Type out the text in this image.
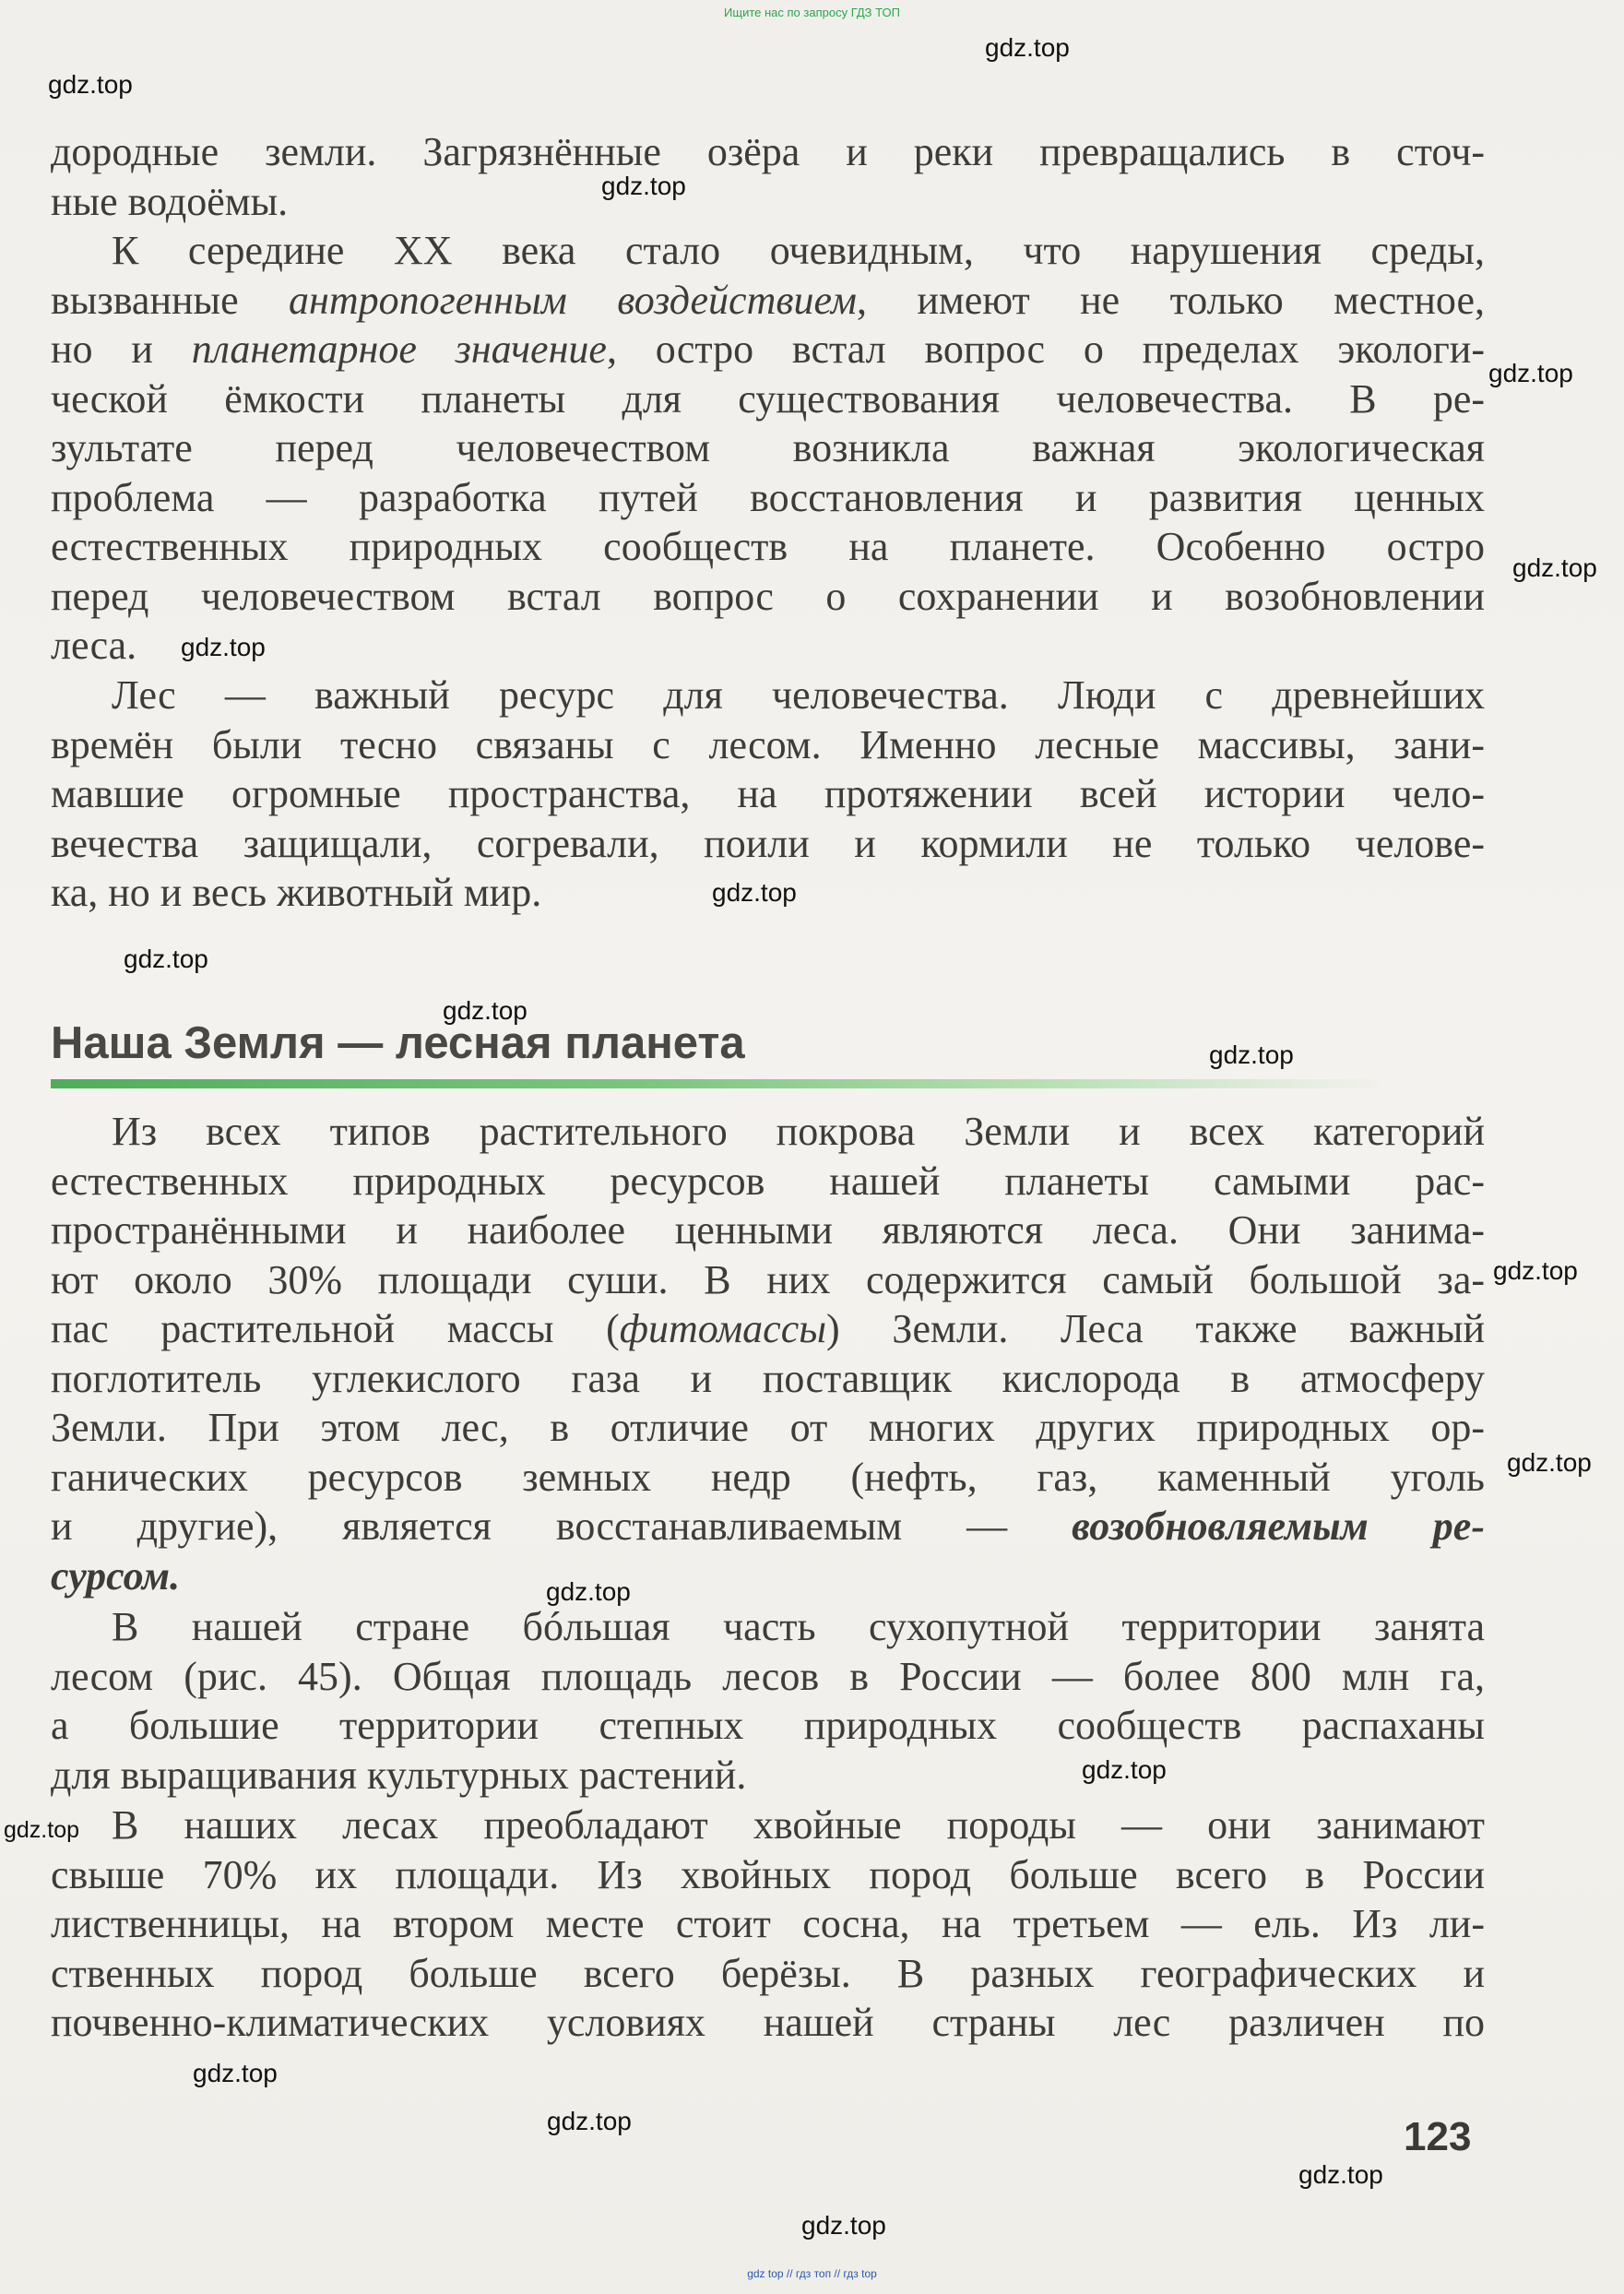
Ищите нас по запросу ГДЗ ТОП
дородные земли. Загрязнённые озёра и реки превращались в сточ-
ные водоёмы.
К середине XX века стало очевидным, что нарушения среды,
вызванные антропогенным воздействием, имеют не только местное,
но и планетарное значение, остро встал вопрос о пределах экологи-
ческой ёмкости планеты для существования человечества. В ре-
зультате перед человечеством возникла важная экологическая
проблема — разработка путей восстановления и развития ценных
естественных природных сообществ на планете. Особенно остро
перед человечеством встал вопрос о сохранении и возобновлении
леса.
Лес — важный ресурс для человечества. Люди с древнейших
времён были тесно связаны с лесом. Именно лесные массивы, зани-
мавшие огромные пространства, на протяжении всей истории чело-
вечества защищали, согревали, поили и кормили не только челове-
ка, но и весь животный мир.
Наша Земля — лесная планета
Из всех типов растительного покрова Земли и всех категорий
естественных природных ресурсов нашей планеты самыми рас-
пространёнными и наиболее ценными являются леса. Они занима-
ют около 30% площади суши. В них содержится самый большой за-
пас растительной массы (фитомассы) Земли. Леса также важный
поглотитель углекислого газа и поставщик кислорода в атмосферу
Земли. При этом лес, в отличие от многих других природных ор-
ганических ресурсов земных недр (нефть, газ, каменный уголь
и другие), является восстанавливаемым — возобновляемым ре-
сурсом.
В нашей стране бóльшая часть сухопутной территории занята
лесом (рис. 45). Общая площадь лесов в России — более 800 млн га,
а большие территории степных природных сообществ распаханы
для выращивания культурных растений.
В наших лесах преобладают хвойные породы — они занимают
свыше 70% их площади. Из хвойных пород больше всего в России
лиственницы, на втором месте стоит сосна, на третьем — ель. Из ли-
ственных пород больше всего берёзы. В разных географических и
почвенно-климатических условиях нашей страны лес различен по
123
gdz.top
gdz.top
gdz.top
gdz.top
gdz.top
gdz.top
gdz.top
gdz.top
gdz.top
gdz.top
gdz.top
gdz.top
gdz.top
gdz.top
gdz.top
gdz.top
gdz.top
gdz.top
gdz.top
gdz top // гдз топ // гдз top
